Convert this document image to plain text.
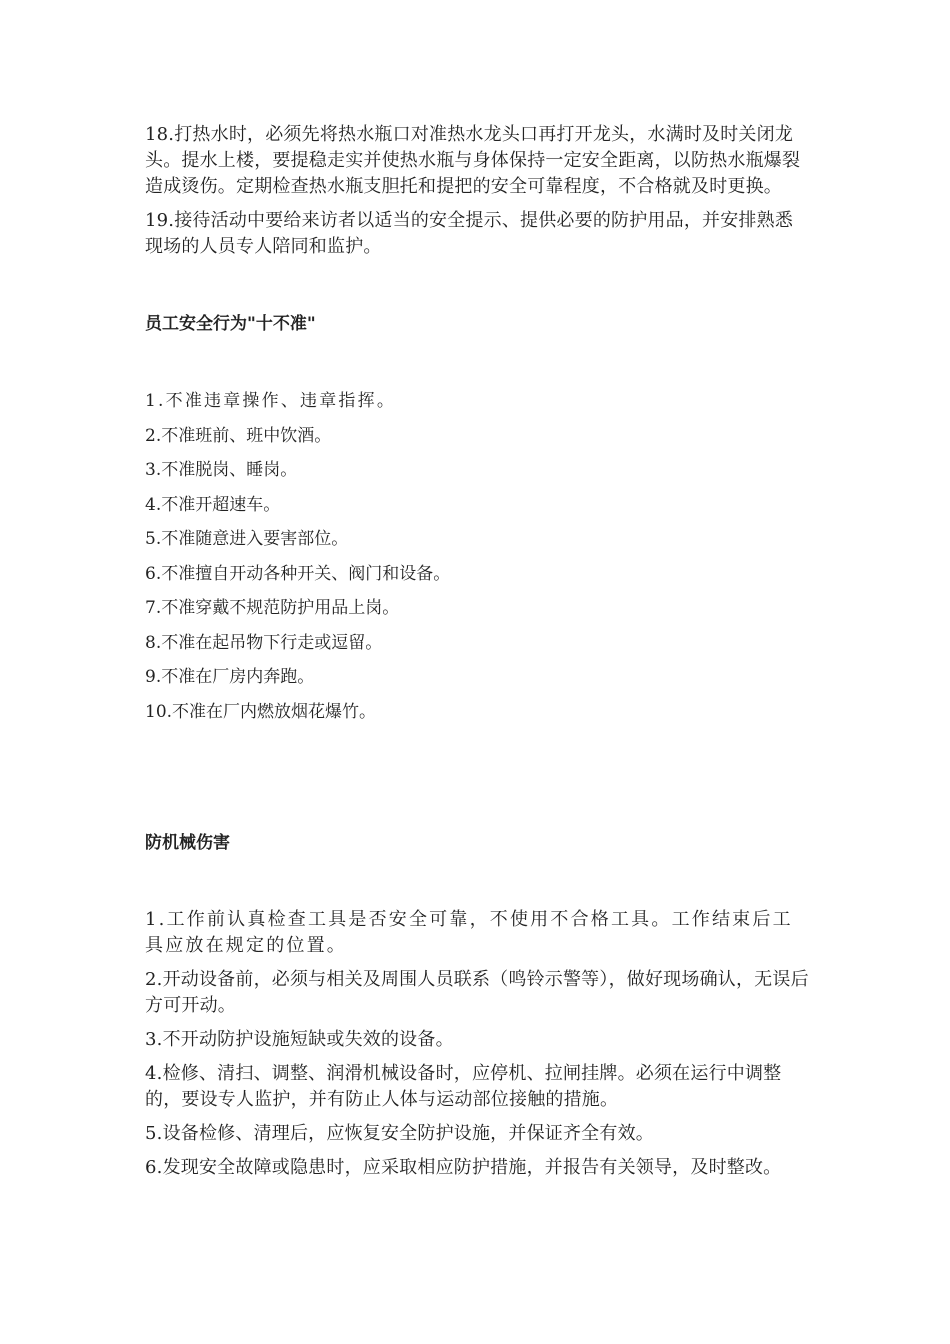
18.打热水时，必须先将热水瓶口对准热水龙头口再打开龙头，水满时及时关闭龙头。提水上楼，要提稳走实并使热水瓶与身体保持一定安全距离，以防热水瓶爆裂造成烫伤。定期检查热水瓶支胆托和提把的安全可靠程度，不合格就及时更换。

19.接待活动中要给来访者以适当的安全提示、提供必要的防护用品，并安排熟悉现场的人员专人陪同和监护。

员工安全行为"十不准"

1.不准违章操作、违章指挥。

2.不准班前、班中饮酒。

3.不准脱岗、睡岗。

4.不准开超速车。

5.不准随意进入要害部位。

6.不准擅自开动各种开关、阀门和设备。

7.不准穿戴不规范防护用品上岗。

8.不准在起吊物下行走或逗留。

9.不准在厂房内奔跑。

10.不准在厂内燃放烟花爆竹。

防机械伤害

1.工作前认真检查工具是否安全可靠，不使用不合格工具。工作结束后工具应放在规定的位置。

2.开动设备前，必须与相关及周围人员联系（鸣铃示警等），做好现场确认，无误后方可开动。

3.不开动防护设施短缺或失效的设备。

4.检修、清扫、调整、润滑机械设备时，应停机、拉闸挂牌。必须在运行中调整的，要设专人监护，并有防止人体与运动部位接触的措施。

5.设备检修、清理后，应恢复安全防护设施，并保证齐全有效。

6.发现安全故障或隐患时，应采取相应防护措施，并报告有关领导，及时整改。
